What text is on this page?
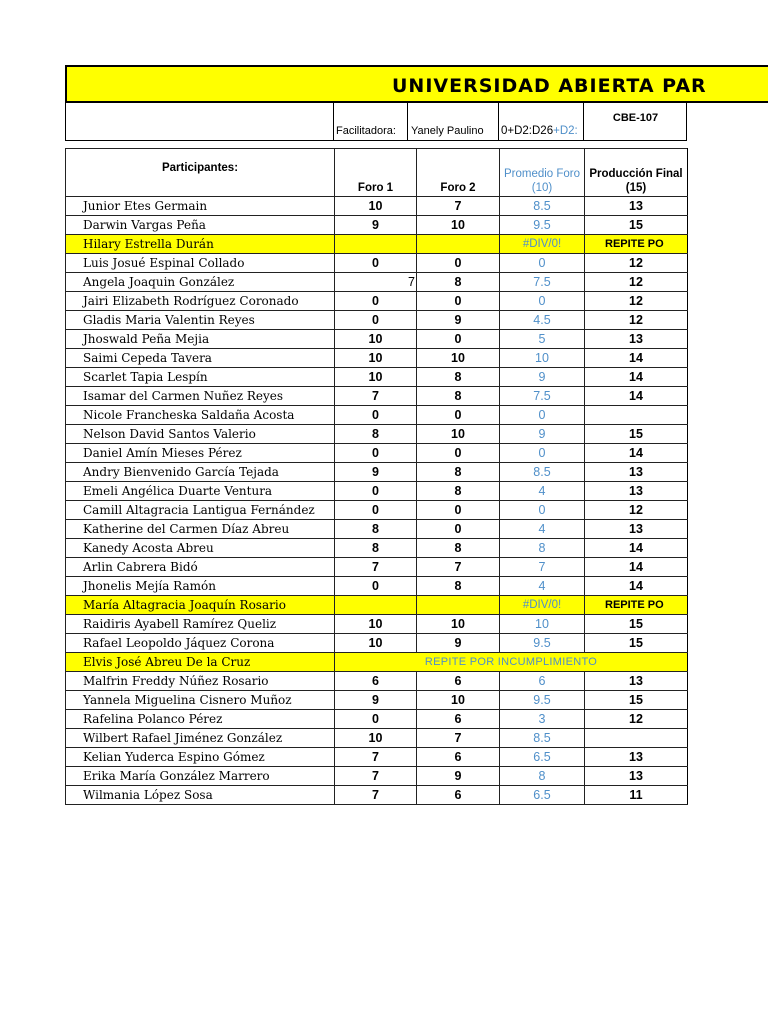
UNIVERSIDAD ABIERTA PAR
Facilitadora: Yanely Paulino 0+D2:D26+D2:
CBE-107
Participantes:	Foro 1	Foro 2	Promedio Foro (10)	Producción Final (15)
Junior Etes Germain	10	7	8.5	13
Darwin Vargas Peña	9	10	9.5	15
Hilary Estrella Durán			#DIV/0!	REPITE PO
Luis Josué Espinal Collado	0	0	0	12
Angela Joaquin González	7	8	7.5	12
Jairi Elizabeth Rodríguez Coronado	0	0	0	12
Gladis Maria Valentin Reyes	0	9	4.5	12
Jhoswald Peña Mejia	10	0	5	13
Saimi Cepeda Tavera	10	10	10	14
Scarlet Tapia Lespín	10	8	9	14
Isamar del Carmen Nuñez Reyes	7	8	7.5	14
Nicole Francheska Saldaña Acosta	0	0	0	
Nelson David Santos Valerio	8	10	9	15
Daniel Amín Mieses Pérez	0	0	0	14
Andry Bienvenido García Tejada	9	8	8.5	13
Emeli Angélica Duarte Ventura	0	8	4	13
Camill Altagracia Lantigua Fernández	0	0	0	12
Katherine del Carmen Díaz Abreu	8	0	4	13
Kanedy Acosta Abreu	8	8	8	14
Arlin Cabrera Bidó	7	7	7	14
Jhonelis Mejía Ramón	0	8	4	14
María Altagracia Joaquín Rosario			#DIV/0!	REPITE PO
Raidiris Ayabell Ramírez Queliz	10	10	10	15
Rafael Leopoldo Jáquez Corona	10	9	9.5	15
Elvis José Abreu De la Cruz	REPITE POR INCUMPLIMIENTO			
Malfrin Freddy Núñez Rosario	6	6	6	13
Yannela Miguelina Cisnero Muñoz	9	10	9.5	15
Rafelina Polanco Pérez	0	6	3	12
Wilbert Rafael Jiménez González	10	7	8.5	
Kelian Yuderca Espino Gómez	7	6	6.5	13
Erika María González Marrero	7	9	8	13
Wilmania López Sosa	7	6	6.5	11
